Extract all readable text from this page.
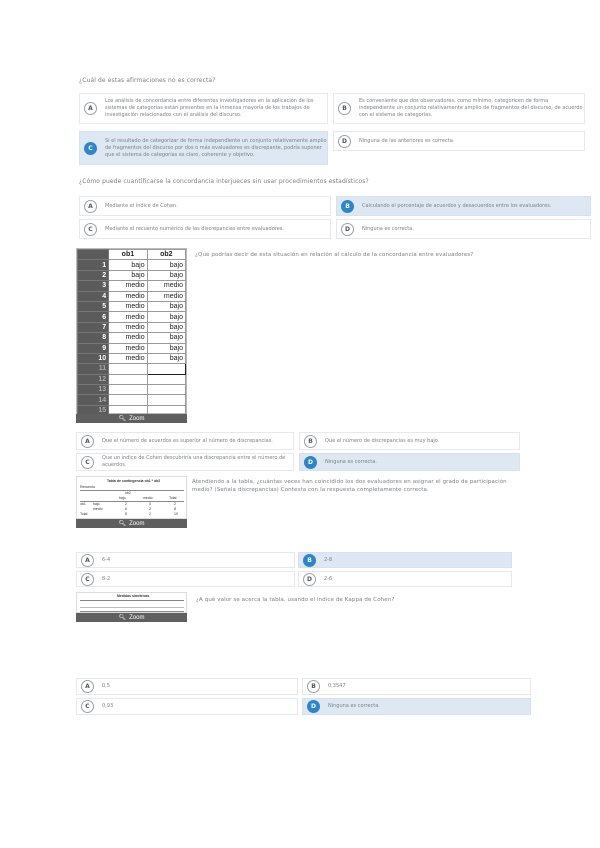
¿Cuál de estas afirmaciones no es correcta?
A
Los análisis de concordancia entre diferentes investigadores en la aplicación de los sistemas de categorías están presentes en la inmensa mayoría de los trabajos de investigación relacionados con el análisis del discurso.
B
Es conveniente que dos observadores, como mínimo, categoricen de forma independiente un conjunto relativamente amplio de fragmentos del discurso, de acuerdo con el sistema de categorías.
C
Si el resultado de categorizar de forma independiente un conjunto relativamente amplio de fragmentos del discurso por dos o más evaluadores es discrepante, podría suponer que el sistema de categorías es claro, coherente y objetivo.
D	Ninguna de las anteriores es correcta.
¿Cómo puede cuantificarse la concordancia interjueces sin usar procedimientos estadísticos?
A	Mediante el índice de Cohen.	B	Calculando el porcentaje de acuerdos y desacuerdos entre los evaluadores.
C	Mediante el recuento numérico de las discrepancias entre evaluadores.	D	Ninguna es correcta.
	ob1	ob2
1	bajo	bajo
2	bajo	bajo
3	medio	medio
4	medio	medio
5	medio	bajo
6	medio	bajo
7	medio	bajo
8	medio	bajo
9	medio	bajo
10	medio	bajo
11		
12		
13		
14		
15		
🔍︎ Zoom
¿Qué podrías decir de esta situación en relación al cálculo de la concordancia entre evaluadores?
A	Que el número de acuerdos es superior al número de discrepancias.	B	Que el número de discrepancias es muy bajo.
C
Que un índice de Cohen descubriría una discrepancia entre el número de acuerdos.	D	Ninguna es correcta.
Tabla de contingencia ob1 * ob2
Recuento
ob2
bajo	medio	Total
ob1 bajo	2	0	2
medio	6	2	8
Total	8	2	10
🔍︎ Zoom
Atendiendo a la tabla, ¿cuántas veces han coincidido los dos evaluadores en asignar el grado de participación medio? (Señala discrepancias) Contesta con la respuesta completamente correcta.
A	6-4	B	2-8
C	8-2	D	2-6
Medidas simétricas
🔍︎ Zoom
¿A qué valor se acerca la tabla, usando el índice de Kappa de Cohen?
A	0,5	B	0,3547
C	0,93	D	Ninguna es correcta.
